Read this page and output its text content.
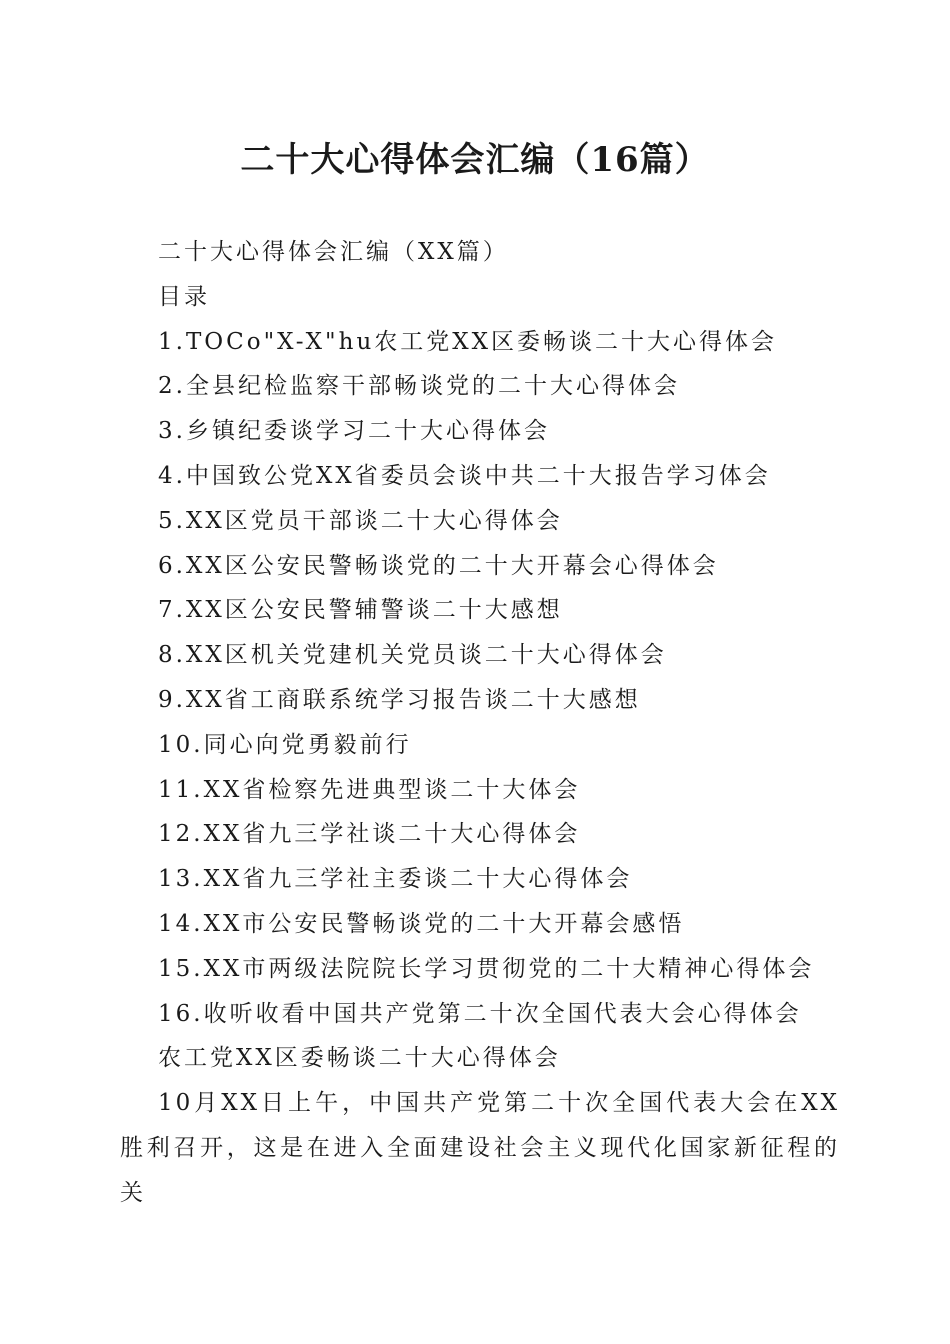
二十大心得体会汇编（16篇）
二十大心得体会汇编（XX篇）
目录
1.TOCo"X-X"hu农工党XX区委畅谈二十大心得体会
2.全县纪检监察干部畅谈党的二十大心得体会
3.乡镇纪委谈学习二十大心得体会
4.中国致公党XX省委员会谈中共二十大报告学习体会
5.XX区党员干部谈二十大心得体会
6.XX区公安民警畅谈党的二十大开幕会心得体会
7.XX区公安民警辅警谈二十大感想
8.XX区机关党建机关党员谈二十大心得体会
9.XX省工商联系统学习报告谈二十大感想
10.同心向党勇毅前行
11.XX省检察先进典型谈二十大体会
12.XX省九三学社谈二十大心得体会
13.XX省九三学社主委谈二十大心得体会
14.XX市公安民警畅谈党的二十大开幕会感悟
15.XX市两级法院院长学习贯彻党的二十大精神心得体会
16.收听收看中国共产党第二十次全国代表大会心得体会
农工党XX区委畅谈二十大心得体会

10月XX日上午，中国共产党第二十次全国代表大会在XX胜利召开，这是在进入全面建设社会主义现代化国家新征程的关
